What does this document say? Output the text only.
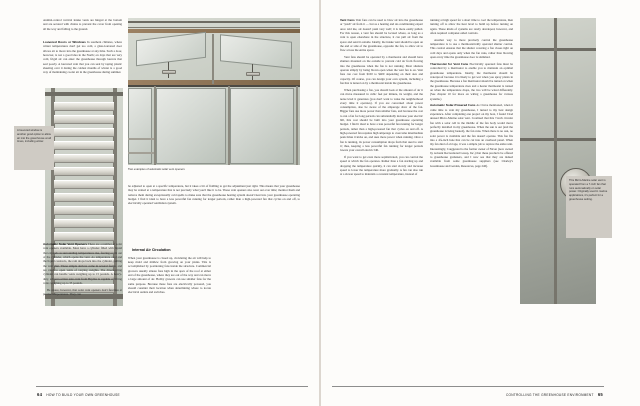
A louvered window is another good option to allow air into the greenhouse at all times, including winter.
Two examples of automatic solar vent openers

Animal-control vertical intake vents are hinged at the bottom and are secured with chains to prevent the cover from opening all the way and falling to the ground.

Louvered Doors or Windows In southern climates, where winter temperatures don't get too cold, a glass-louvered door allows air to move into the greenhouse at any time. Such a door, however, is not a good idea in the North; on days that are very cold, frigid air can enter the greenhouse through louvers that seal poorly. A louvered vent that you can seal by taping plastic sheeting over it during the coldest months of winter is a good way of maintaining cooler air in the greenhouse during summer.

Automatic Solar Vent Openers There are a number of solar vent openers available. Most have a cylinder filled with liquid that expands as surrounding temperatures rise, forcing a ram out of the cylinder, which opens the vent. As temperature cool and the liquid contracts, the ram drops back into the cylinder, pulling the vent shut. These simple devices come in several forms, and are rated to open vents of varying weights. The direct-acting cylinder can handle vents weighing up to 15 pounds. A heavy-duty, scissors-action auto-vent from Bayliss is capable of lifting vents weighing up to 35 pounds.

Be aware, however, that solar vent openers don't function at precise temperatures. They can

be adjusted to open at a specific temperature, but it takes a bit of fiddling to get the adjustment just right. This means that your greenhouse may be vented at a temperature that is not precisely what you'd like it to be. These vent openers also wear out over time; monitor them and remove them during exceptionally cold spells to make sure that the greenhouse heating system doesn't heat into your greenhouse operating budget. I find it ideal to have a less powerful fan running for longer periods, rather than a high-powered fan that cycles on and off, to electrically operated ventilation system.

Internal Air Circulation

When your greenhouse is closed up, circulating the air will help to keep mold and mildew from growing on your plants. This is accomplished by positioning fans inside the structure. Commercial growers usually situate fans high in the apex of the roof at either end of the greenhouse, where they are out of the way and can move a large amount of air. Hobby growers can use smaller fans for the same purpose. Because these fans are electrically powered, you should consider their location when determining where to locate electrical outlets and switches.

Vent Fans Vent fans can be used to blow air into the greenhouse or "push" air from it — but as a heating and air-conditioning expert once told me, air doesn't push very well; it is more easily pulled. For this reason, a vent fan should be located where, as long as a vent is open elsewhere in the structure, it can pull air from the space and send it outside. Ideally, the intake vent should be open on the end or side of the greenhouse, opposite the fan, to allow air to flow across the entire space.

Vent fans should be operated by a thermostat and should have shutters mounted on the outside to prevent cold air from flowing into the greenhouse when the fan is not running. Most shutters operate simply by being blown open when the vent fan is on. Vent fans can cost from $100 to $400 depending on their size and capacity. Of course, you can design your own system, including a fan that is turned on by a thermostat inside the greenhouse.

When purchasing a fan, you should look at the amount of air it can move measured in cubic feet per minute, its weight, and the noise level it generates (you don't want to wake the neighborhood every time it operates). If you are concerned about power consumption, also be aware of the amperage draw of the fan. Bigger fans use more power than smaller fans, and because the cost to run a fan for long periods can substantially increase your electric bill, this cost should be built into your greenhouse operating budget. I find it ideal to have a less powerful fan running for longer periods, rather than a high-powered fan that cycles on and off. A high-powered fan requires high amperage to overcome intermediate peak times it kicks on, and uses more power when running. Once a fan is running, its power consumption drops from that used to start it; thus, keeping a less powerful fan running for longer periods lowers your overall electric bill.

If you want to get even more sophisticated, you can control the speed at which the fan operates. Rather than a fan starting up and dropping the temperature quickly, it can start slowly and increase speed to lower the temperature more gradually. A fan can also run at a slower speed to maintain a constant temperature, instead of

running at high speed for a short time to cool the temperature, then turning off to allow the heat level to build up before turning on again. These kinds of systems are rarely developed, however, and often required computer-aided controls.

Another way to more precisely control the greenhouse temperature is to use a thermostatically operated shutter control. This control ensures that the shutter covering a fan closes tight on cold days and opens only when the fan runs, rather than blowing open every time the greenhouse door is slammed.

Thermostat for Vent Fans Electrically operated fans must be controlled by a thermostat to enable you to maintain an optimal greenhouse temperature. Ideally, the thermostat should be waterproof because it is likely to get wet when you spray plants in the greenhouse. Because a fan thermostat should be turned on when the greenhouse temperature rises and a heater thermostat is turned on when the temperature drops, the two will be wired differently. (See chapter 10 for more on wiring a greenhouse for various systems.)

Automatic Solar-Powered Fans As I have mentioned, when it came time to vent my greenhouse, I turned to my best design experience. After completing one project on my boat, I found I had unused Micro-Marine solar vent. I realized that this 7-inch circular fan with a solar cell in the middle of the fan body would move perfectly installed in my greenhouse. When the sun is out (and the greenhouse is being heated), the fan runs. When there is no sun, no solar power is available and the fan doesn't operate. This fan fits into a 4¾-inch hole that can be cut into an overhead panel. When my fan died of old age, it was a simple job to replace the entire unit. Interestingly, I suggested to the former owner of Nicon (now owned by Actuant Recreational Group, Inc.) that these products be offered to greenhouse gardeners, and I now see that they are indeed available from some greenhouse suppliers (see Charley's Greenhouse and Garden, Resources, page 240).

This Micro-Marine solar vent is operated from a 7-inch fan that runs automatically on solar power. Originally used in marine applications, it's perfect for a greenhouse setting.
64 HOW TO BUILD YOUR OWN GREENHOUSE	CONTROLLING THE GREENHOUSE ENVIRONMENT 65
